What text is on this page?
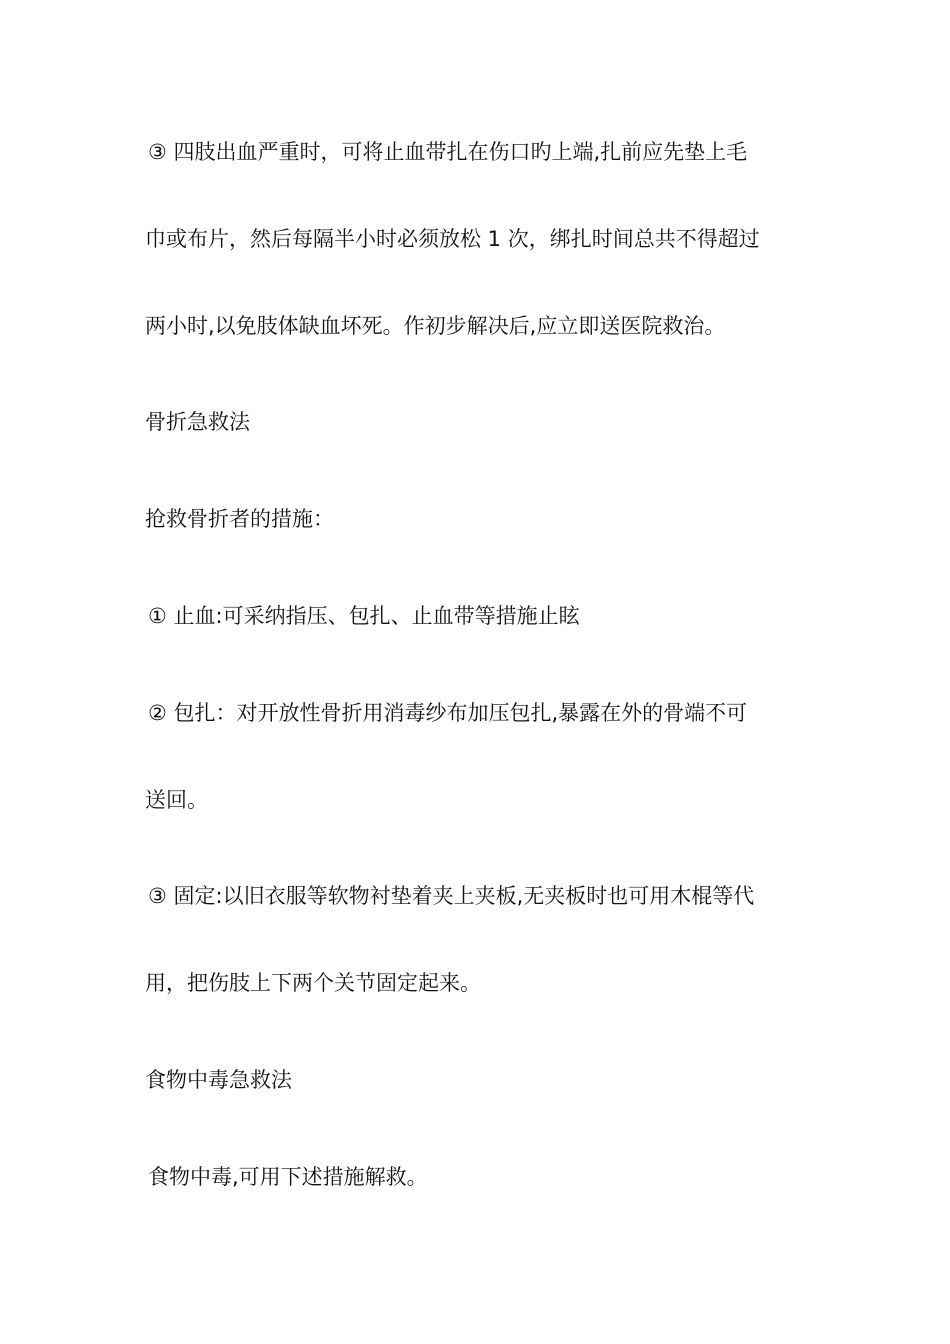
③ 四肢出血严重时，可将止血带扎在伤口旳上端,扎前应先垫上毛
巾或布片，然后每隔半小时必须放松 1 次，绑扎时间总共不得超过
两小时,以免肢体缺血坏死。作初步解决后,应立即送医院救治。
骨折急救法
抢救骨折者的措施：
① 止血:可采纳指压、包扎、止血带等措施止眩
② 包扎：对开放性骨折用消毒纱布加压包扎,暴露在外的骨端不可
送回。
③ 固定:以旧衣服等软物衬垫着夹上夹板,无夹板时也可用木棍等代
用，把伤肢上下两个关节固定起来。
食物中毒急救法
食物中毒,可用下述措施解救。
